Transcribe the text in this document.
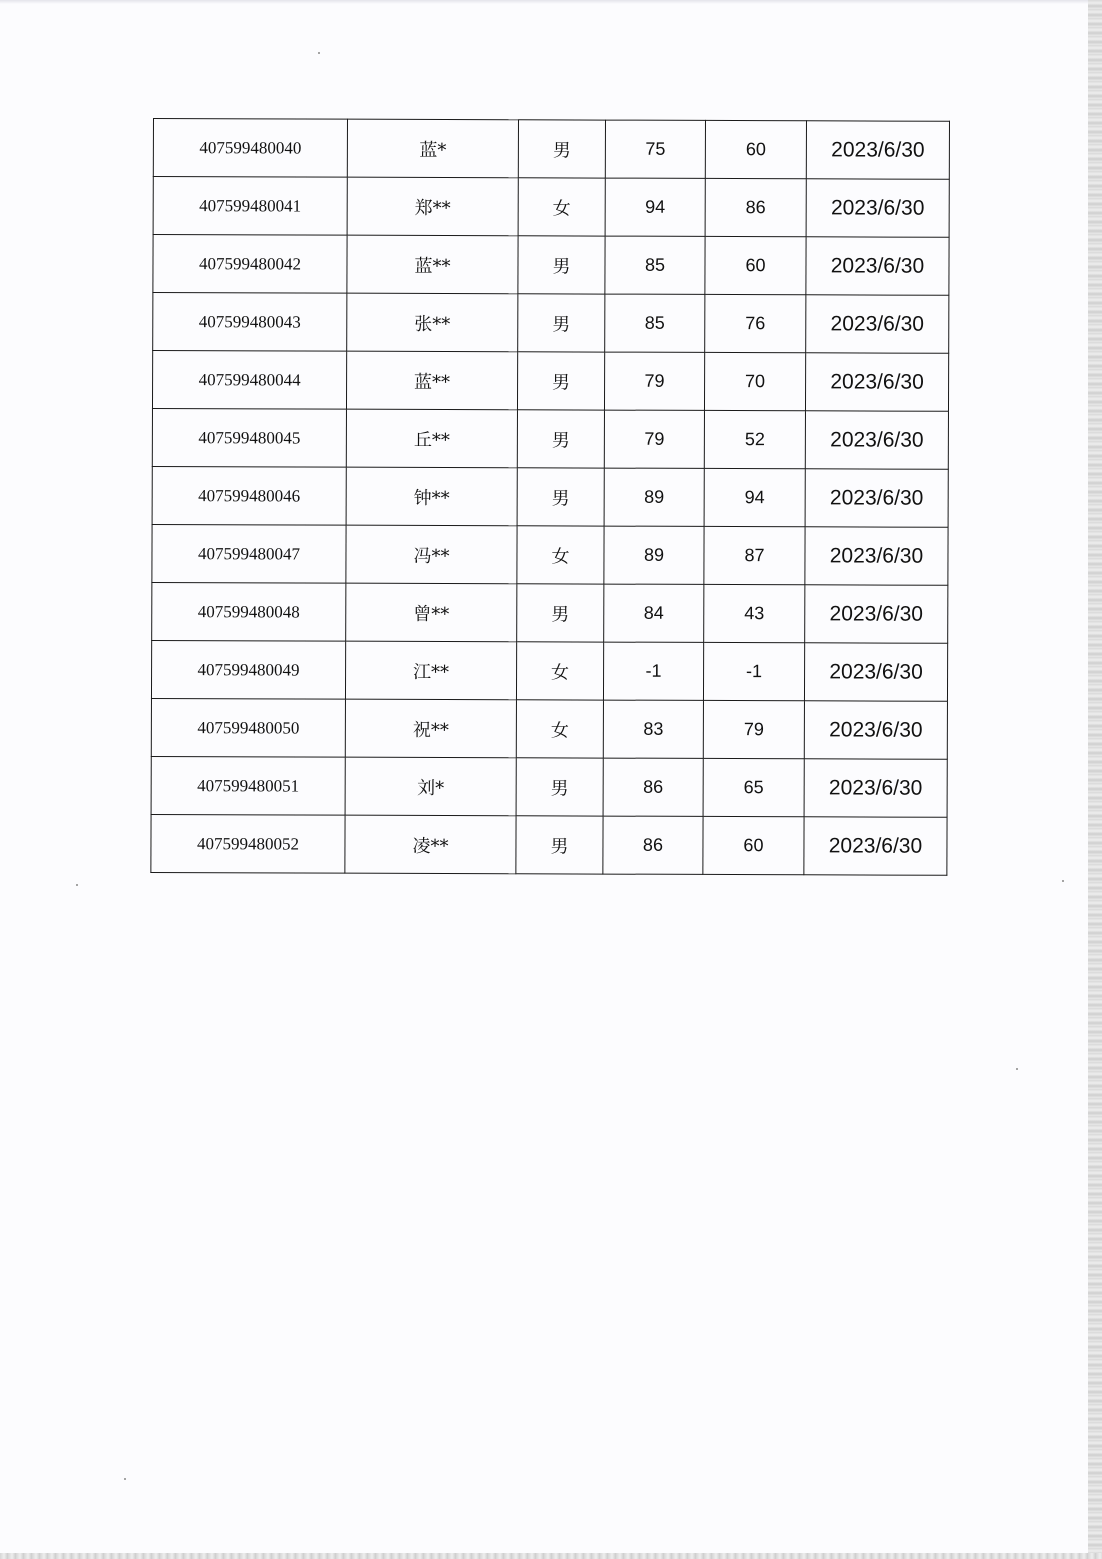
407599480040	蓝*	男	75	60	2023/6/30
407599480041	郑**	女	94	86	2023/6/30
407599480042	蓝**	男	85	60	2023/6/30
407599480043	张**	男	85	76	2023/6/30
407599480044	蓝**	男	79	70	2023/6/30
407599480045	丘**	男	79	52	2023/6/30
407599480046	钟**	男	89	94	2023/6/30
407599480047	冯**	女	89	87	2023/6/30
407599480048	曾**	男	84	43	2023/6/30
407599480049	江**	女	-1	-1	2023/6/30
407599480050	祝**	女	83	79	2023/6/30
407599480051	刘*	男	86	65	2023/6/30
407599480052	凌**	男	86	60	2023/6/30
